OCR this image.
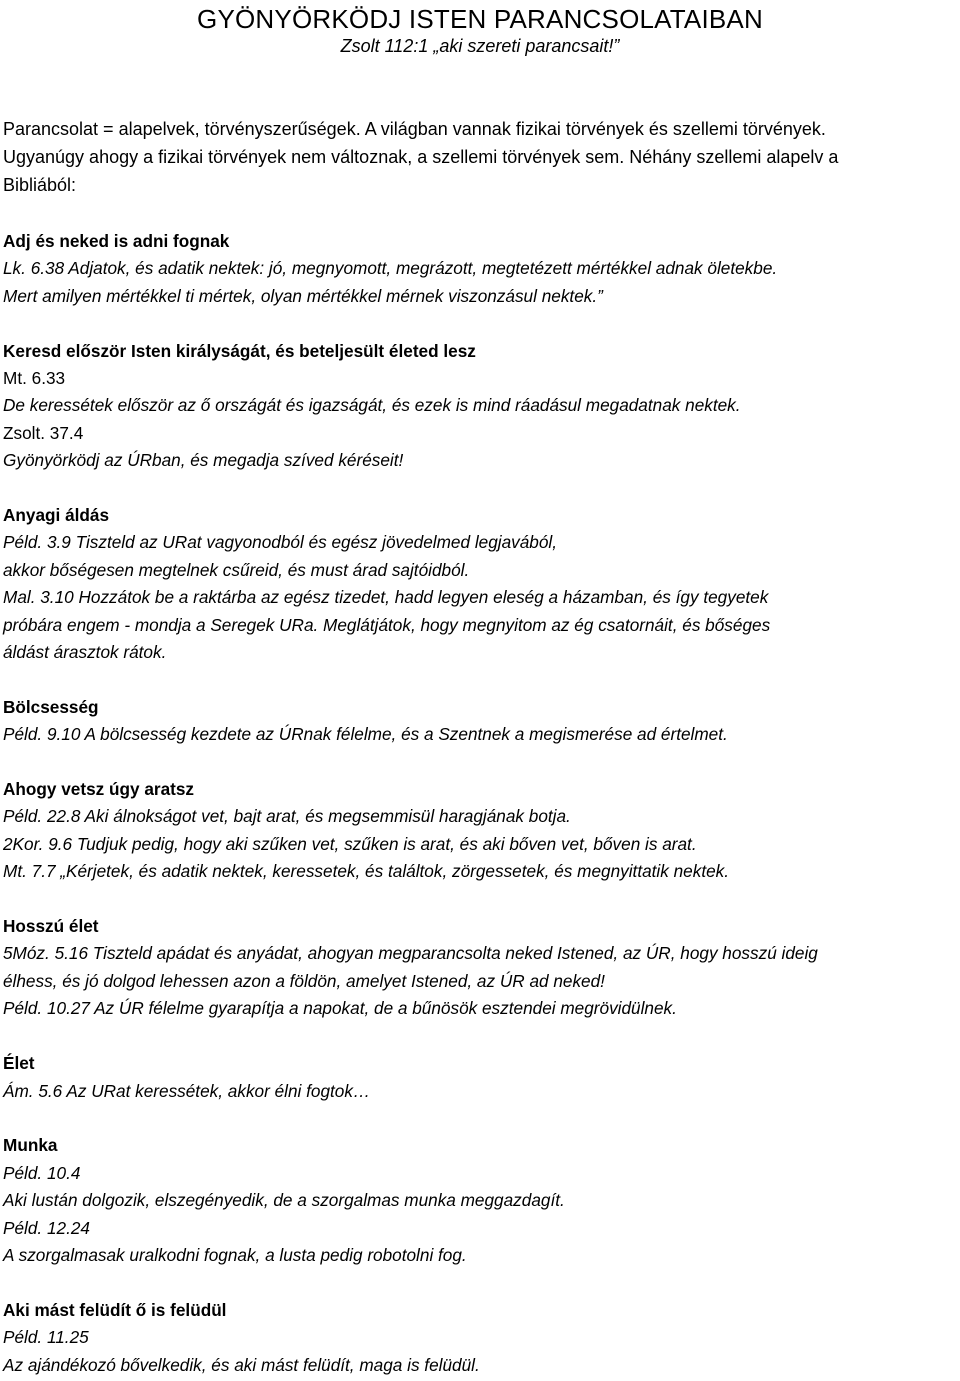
GYÖNYÖRKÖDJ ISTEN PARANCSOLATAIBAN

Zsolt 112:1 „aki szereti parancsait!”

Parancsolat = alapelvek, törvényszerűségek. A világban vannak fizikai törvények és szellemi törvények.

Ugyanúgy ahogy a fizikai törvények nem változnak, a szellemi törvények sem. Néhány szellemi alapelv a

Bibliából:

Adj és neked is adni fognak

Lk. 6.38 Adjatok, és adatik nektek: jó, megnyomott, megrázott, megtetézett mértékkel adnak öletekbe.

Mert amilyen mértékkel ti mértek, olyan mértékkel mérnek viszonzásul nektek.”

Keresd először Isten királyságát, és beteljesült életed lesz

Mt. 6.33

De keressétek először az ő országát és igazságát, és ezek is mind ráadásul megadatnak nektek.

Zsolt. 37.4

Gyönyörködj az ÚRban, és megadja szíved kéréseit!

Anyagi áldás

Péld. 3.9 Tiszteld az URat vagyonodból és egész jövedelmed legjavából,

akkor bőségesen megtelnek csűreid, és must árad sajtóidból.

Mal. 3.10 Hozzátok be a raktárba az egész tizedet, hadd legyen eleség a házamban, és így tegyetek

próbára engem - mondja a Seregek URa. Meglátjátok, hogy megnyitom az ég csatornáit, és bőséges

áldást árasztok rátok.

Bölcsesség

Péld. 9.10 A bölcsesség kezdete az ÚRnak félelme, és a Szentnek a megismerése ad értelmet.

Ahogy vetsz úgy aratsz

Péld. 22.8 Aki álnokságot vet, bajt arat, és megsemmisül haragjának botja.

2Kor. 9.6 Tudjuk pedig, hogy aki szűken vet, szűken is arat, és aki bőven vet, bőven is arat.

Mt. 7.7 „Kérjetek, és adatik nektek, keressetek, és találtok, zörgessetek, és megnyittatik nektek.

Hosszú élet

5Móz. 5.16 Tiszteld apádat és anyádat, ahogyan megparancsolta neked Istened, az ÚR, hogy hosszú ideig

élhess, és jó dolgod lehessen azon a földön, amelyet Istened, az ÚR ad neked!

Péld. 10.27 Az ÚR félelme gyarapítja a napokat, de a bűnösök esztendei megrövidülnek.

Élet

Ám. 5.6 Az URat keressétek, akkor élni fogtok…

Munka

Péld. 10.4

Aki lustán dolgozik, elszegényedik, de a szorgalmas munka meggazdagít.

Péld. 12.24

A szorgalmasak uralkodni fognak, a lusta pedig robotolni fog.

Aki mást felüdít ő is felüdül

Péld. 11.25

Az ajándékozó bővelkedik, és aki mást felüdít, maga is felüdül.
